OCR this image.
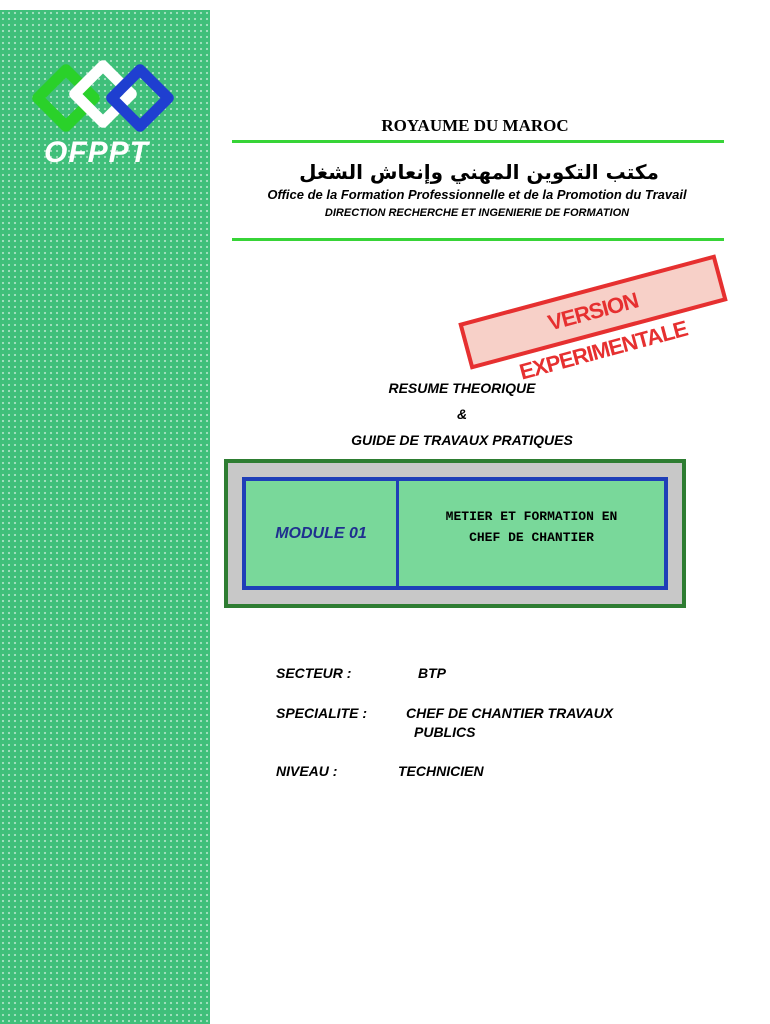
OFPPT
ROYAUME DU MAROC
مكتب التكوين المهني وإنعاش الشغل
Office de la Formation Professionnelle et de la Promotion du Travail
DIRECTION RECHERCHE ET INGENIERIE DE FORMATION
VERSION EXPERIMENTALE
RESUME THEORIQUE
&
GUIDE DE TRAVAUX PRATIQUES
MODULE 01
METIER ET FORMATION EN
CHEF DE CHANTIER
SECTEUR :	BTP
SPECIALITE :	CHEF DE CHANTIER TRAVAUX
PUBLICS
NIVEAU :	TECHNICIEN
